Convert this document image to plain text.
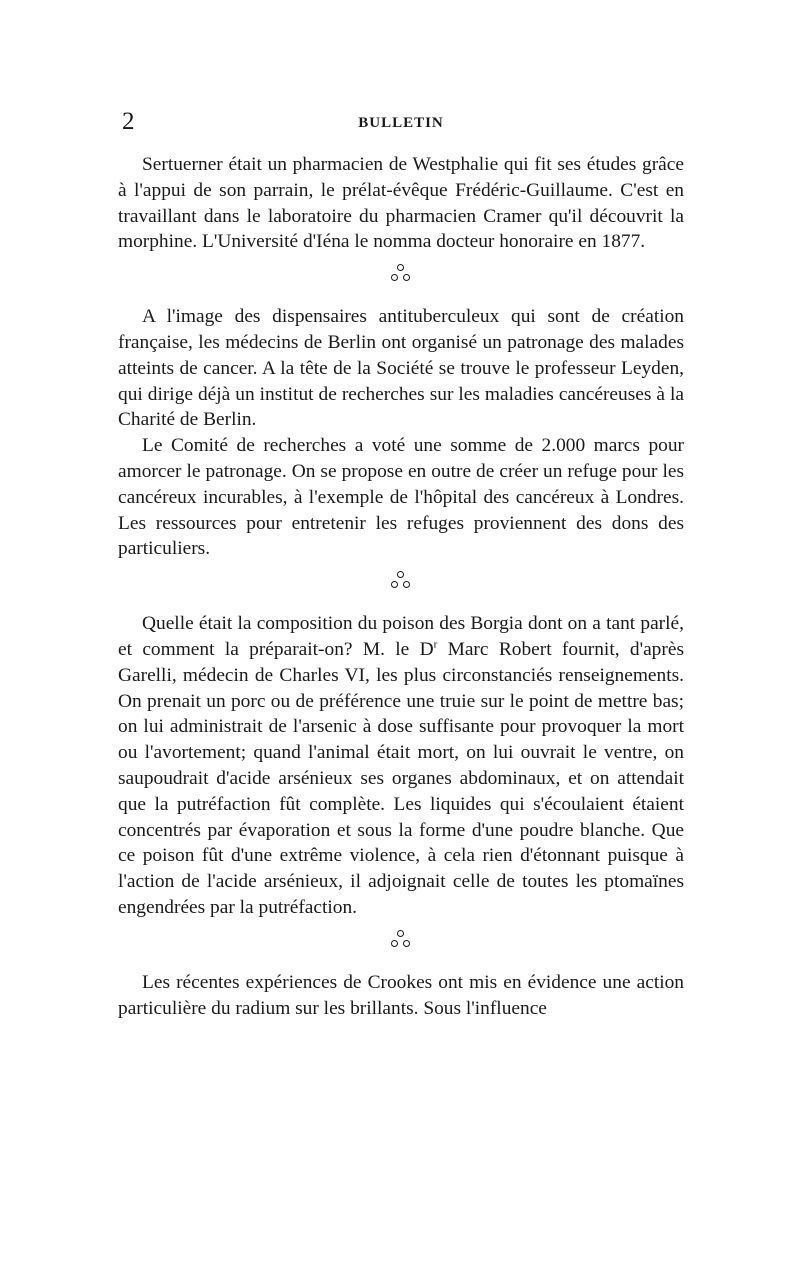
2	BULLETIN

Sertuerner était un pharmacien de Westphalie qui fit ses études grâce à l'appui de son parrain, le prélat-évêque Frédéric-Guillaume. C'est en travaillant dans le laboratoire du pharmacien Cramer qu'il découvrit la morphine. L'Université d'Iéna le nomma docteur honoraire en 1877.

A l'image des dispensaires antituberculeux qui sont de création française, les médecins de Berlin ont organisé un patronage des malades atteints de cancer. A la tête de la Société se trouve le professeur Leyden, qui dirige déjà un institut de recherches sur les maladies cancéreuses à la Charité de Berlin.

Le Comité de recherches a voté une somme de 2.000 marcs pour amorcer le patronage. On se propose en outre de créer un refuge pour les cancéreux incurables, à l'exemple de l'hôpital des cancéreux à Londres. Les ressources pour entretenir les refuges proviennent des dons des particuliers.

Quelle était la composition du poison des Borgia dont on a tant parlé, et comment la préparait-on? M. le $D^r$ Marc Robert fournit, d'après Garelli, médecin de Charles VI, les plus circonstanciés renseignements. On prenait un porc ou de préférence une truie sur le point de mettre bas; on lui administrait de l'arsenic à dose suffisante pour provoquer la mort ou l'avortement; quand l'animal était mort, on lui ouvrait le ventre, on saupoudrait d'acide arsénieux ses organes abdominaux, et on attendait que la putréfaction fût complète. Les liquides qui s'écoulaient étaient concentrés par évaporation et sous la forme d'une poudre blanche. Que ce poison fût d'une extrême violence, à cela rien d'étonnant puisque à l'action de l'acide arsénieux, il adjoignait celle de toutes les ptomaïnes engendrées par la putréfaction.

Les récentes expériences de Crookes ont mis en évidence une action particulière du radium sur les brillants. Sous l'influence
